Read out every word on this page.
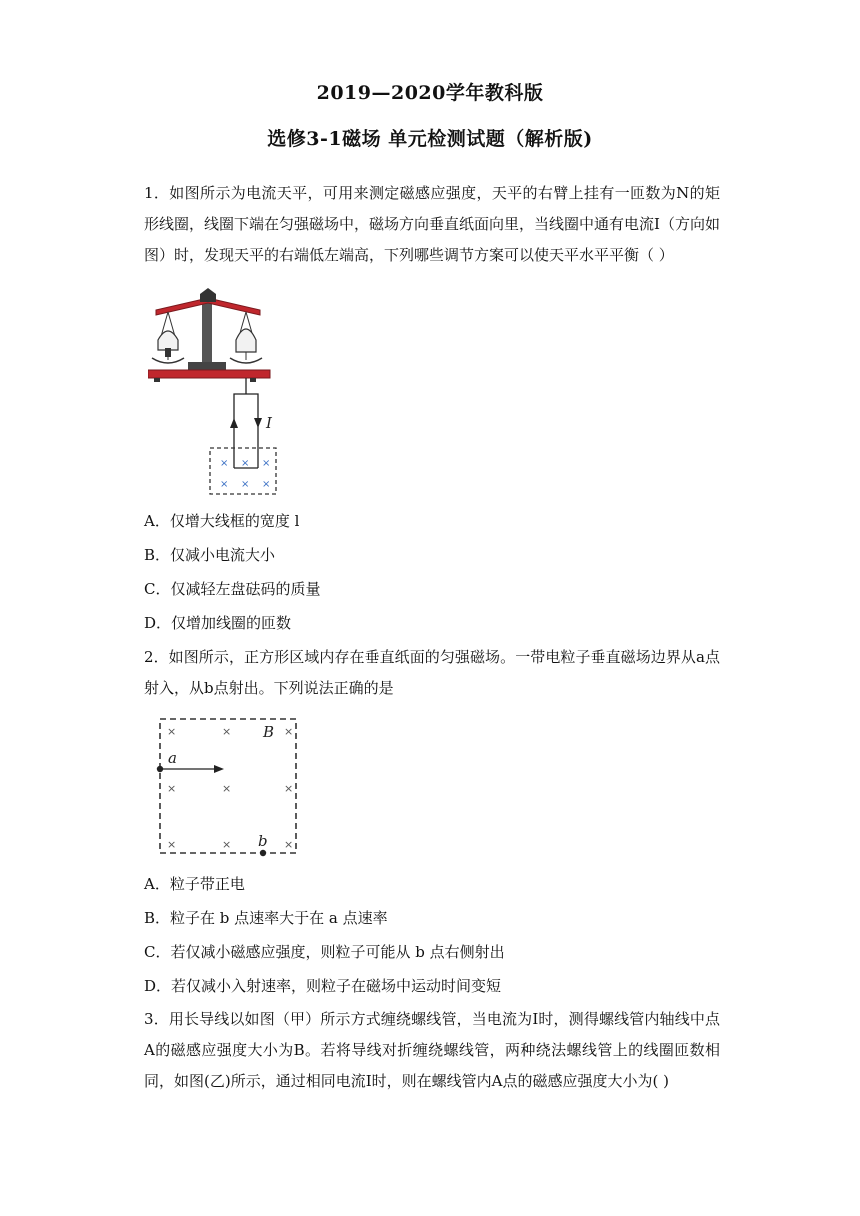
2019—2020学年教科版
选修3-1磁场 单元检测试题（解析版)
1．如图所示为电流天平，可用来测定磁感应强度，天平的右臂上挂有一匝数为N的矩形线圈，线圈下端在匀强磁场中，磁场方向垂直纸面向里，当线圈中通有电流I（方向如图）时，发现天平的右端低左端高，下列哪些调节方案可以使天平水平平衡（ ）
I
× × ×
× × ×
A．仅增大线框的宽度 l
B．仅减小电流大小
C．仅减轻左盘砝码的质量
D．仅增加线圈的匝数
2．如图所示，正方形区域内存在垂直纸面的匀强磁场。一带电粒子垂直磁场边界从a点射入，从b点射出。下列说法正确的是
×	×	×
×	×	×
×	×	×
B
a
b
A．粒子带正电
B．粒子在 b 点速率大于在 a 点速率
C．若仅减小磁感应强度，则粒子可能从 b 点右侧射出
D．若仅减小入射速率，则粒子在磁场中运动时间变短
3．用长导线以如图（甲）所示方式缠绕螺线管，当电流为I时，测得螺线管内轴线中点A的磁感应强度大小为B。若将导线对折缠绕螺线管，两种绕法螺线管上的线圈匝数相同，如图(乙)所示，通过相同电流I时，则在螺线管内A点的磁感应强度大小为( )
